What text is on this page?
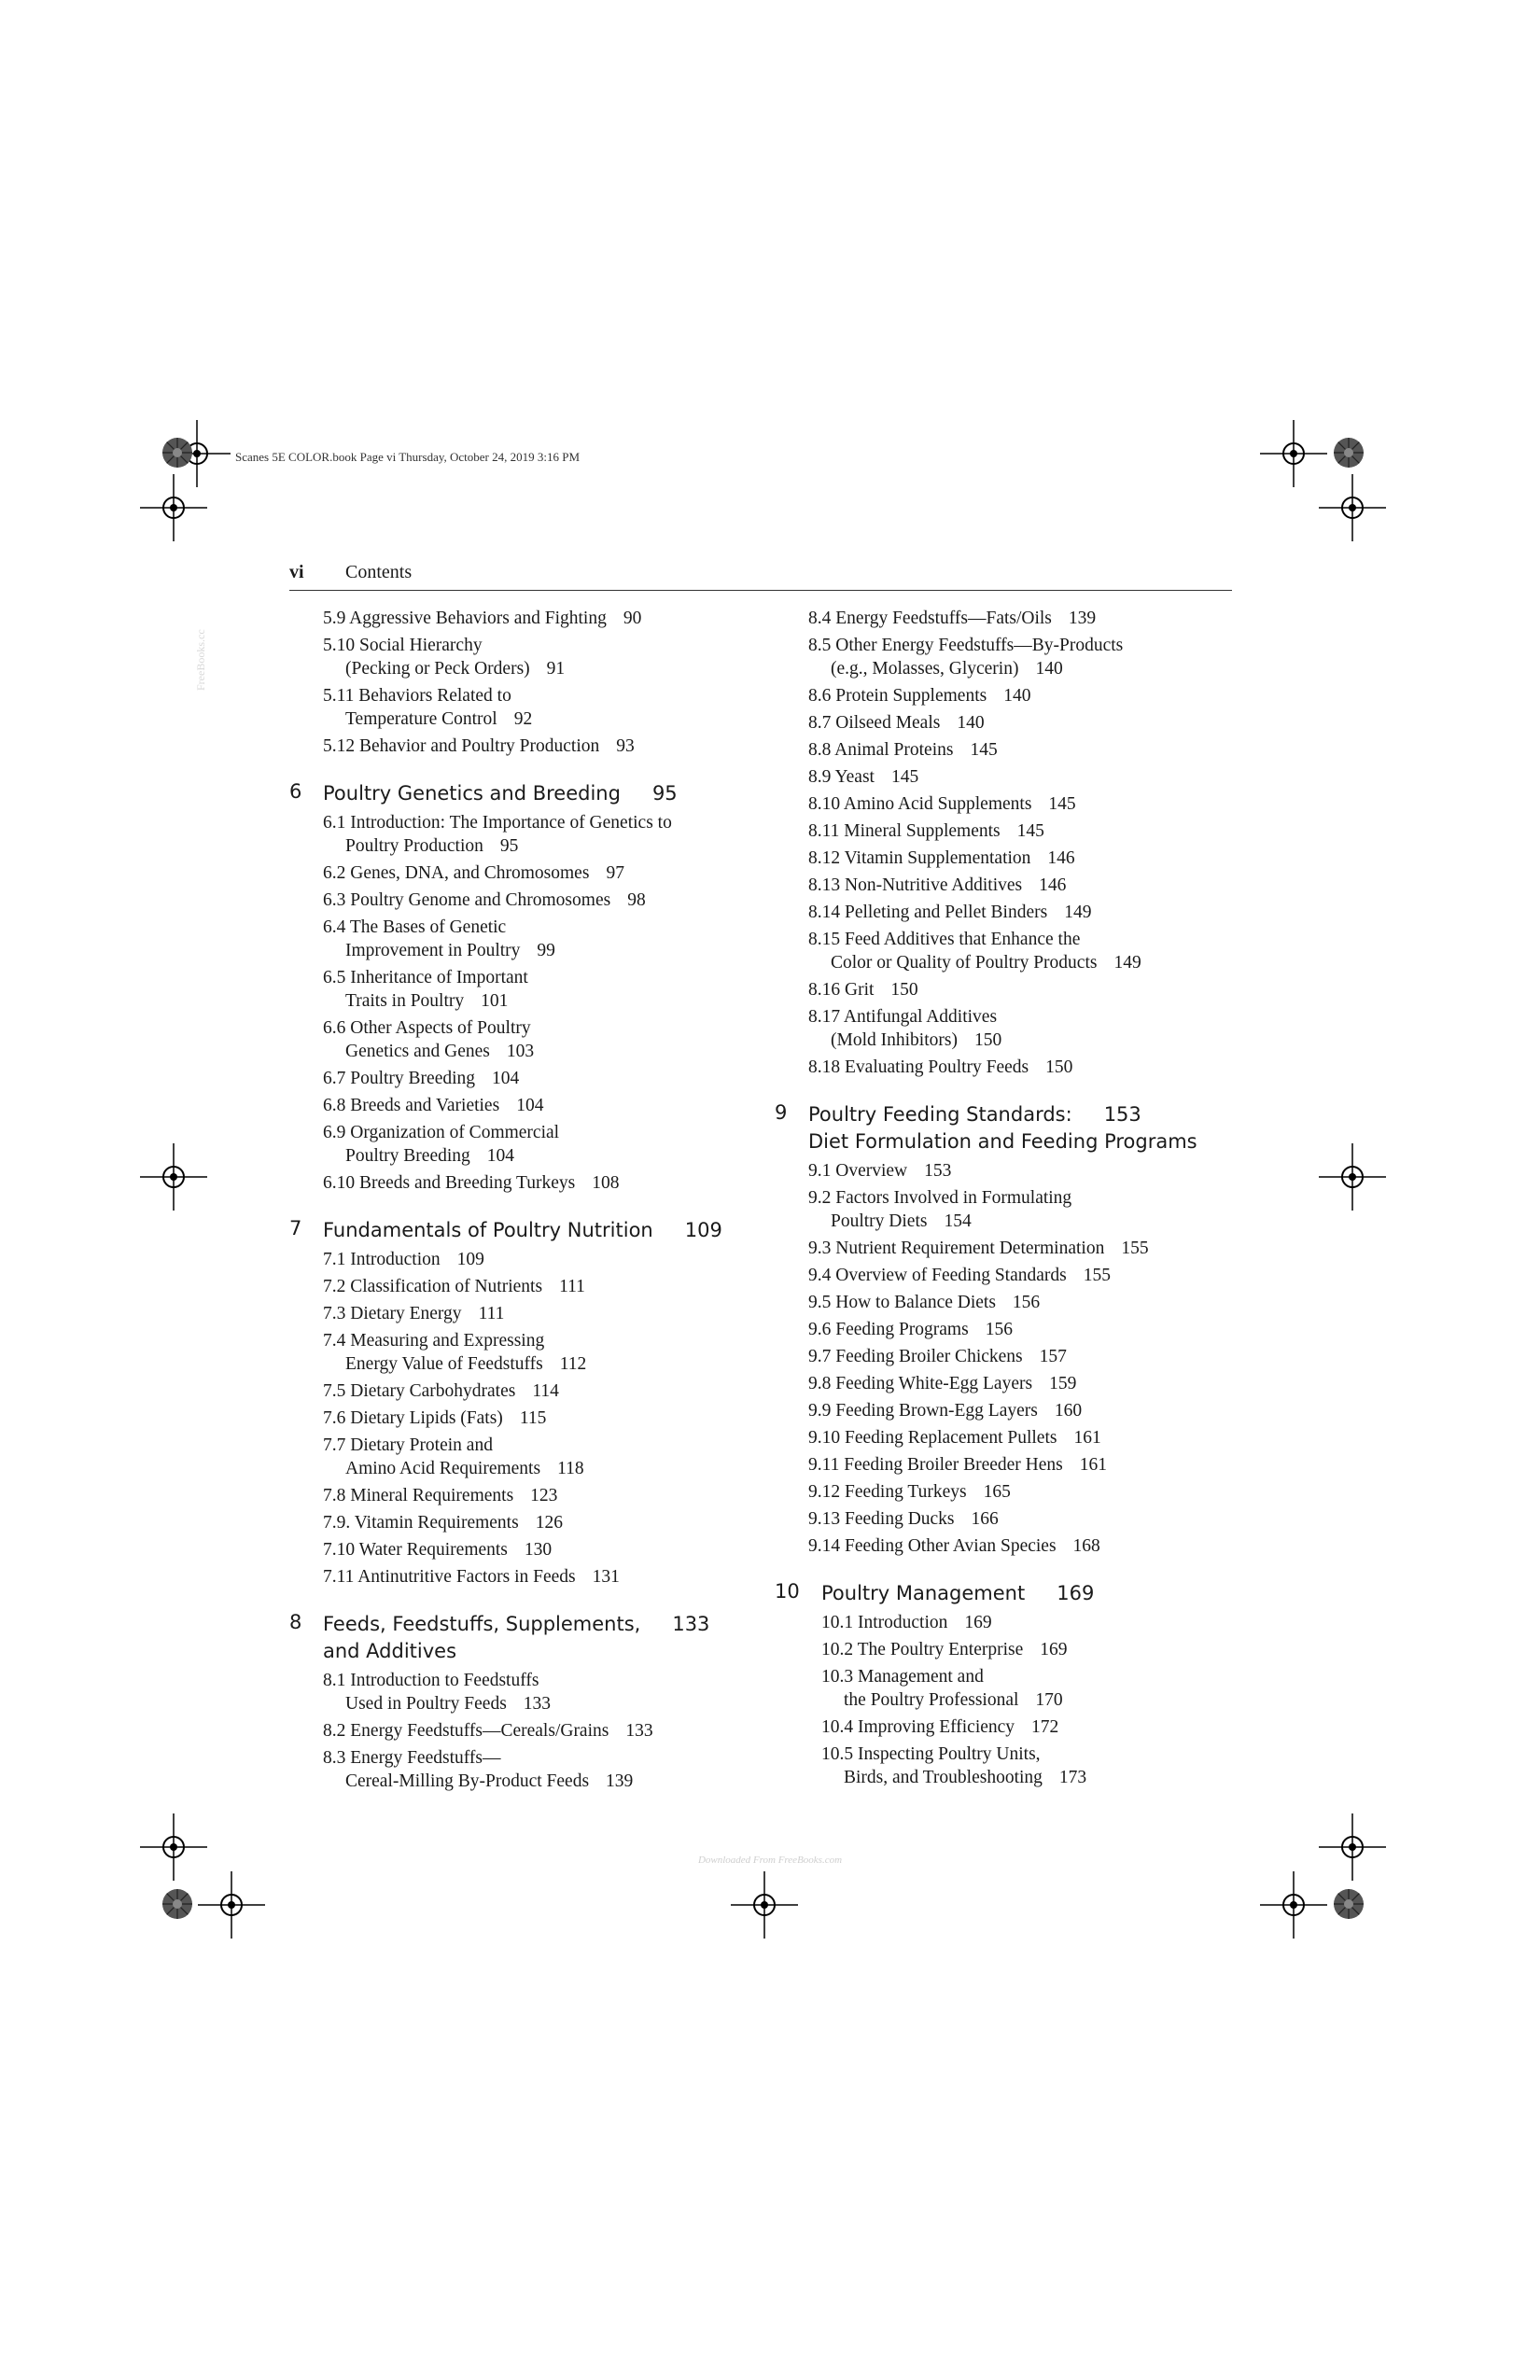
Scanes 5E COLOR.book Page vi Thursday, October 24, 2019 3:16 PM
FreeBooks.cc
Downloaded From FreeBooks.com
vi Contents
5.9 Aggressive Behaviors and Fighting 90
5.10 Social Hierarchy
(Pecking or Peck Orders) 91
5.11 Behaviors Related to
Temperature Control 92
5.12 Behavior and Poultry Production 93
6	Poultry Genetics and Breeding 95
6.1 Introduction: The Importance of Genetics to
Poultry Production 95
6.2 Genes, DNA, and Chromosomes 97
6.3 Poultry Genome and Chromosomes 98
6.4 The Bases of Genetic
Improvement in Poultry 99
6.5 Inheritance of Important
Traits in Poultry 101
6.6 Other Aspects of Poultry
Genetics and Genes 103
6.7 Poultry Breeding 104
6.8 Breeds and Varieties 104
6.9 Organization of Commercial
Poultry Breeding 104
6.10 Breeds and Breeding Turkeys 108
7	Fundamentals of Poultry Nutrition 109
7.1 Introduction 109
7.2 Classification of Nutrients 111
7.3 Dietary Energy 111
7.4 Measuring and Expressing
Energy Value of Feedstuffs 112
7.5 Dietary Carbohydrates 114
7.6 Dietary Lipids (Fats) 115
7.7 Dietary Protein and
Amino Acid Requirements 118
7.8 Mineral Requirements 123
7.9. Vitamin Requirements 126
7.10 Water Requirements 130
7.11 Antinutritive Factors in Feeds 131
8	Feeds, Feedstuffs, Supplements, 133
and Additives
8.1 Introduction to Feedstuffs
Used in Poultry Feeds 133
8.2 Energy Feedstuffs—Cereals/Grains 133
8.3 Energy Feedstuffs—
Cereal-Milling By-Product Feeds 139
8.4 Energy Feedstuffs—Fats/Oils 139
8.5 Other Energy Feedstuffs—By-Products
(e.g., Molasses, Glycerin) 140
8.6 Protein Supplements 140
8.7 Oilseed Meals 140
8.8 Animal Proteins 145
8.9 Yeast 145
8.10 Amino Acid Supplements 145
8.11 Mineral Supplements 145
8.12 Vitamin Supplementation 146
8.13 Non-Nutritive Additives 146
8.14 Pelleting and Pellet Binders 149
8.15 Feed Additives that Enhance the
Color or Quality of Poultry Products 149
8.16 Grit 150
8.17 Antifungal Additives
(Mold Inhibitors) 150
8.18 Evaluating Poultry Feeds 150
9	Poultry Feeding Standards: 153
Diet Formulation and Feeding Programs
9.1 Overview 153
9.2 Factors Involved in Formulating
Poultry Diets 154
9.3 Nutrient Requirement Determination 155
9.4 Overview of Feeding Standards 155
9.5 How to Balance Diets 156
9.6 Feeding Programs 156
9.7 Feeding Broiler Chickens 157
9.8 Feeding White-Egg Layers 159
9.9 Feeding Brown-Egg Layers 160
9.10 Feeding Replacement Pullets 161
9.11 Feeding Broiler Breeder Hens 161
9.12 Feeding Turkeys 165
9.13 Feeding Ducks 166
9.14 Feeding Other Avian Species 168
10	Poultry Management 169
10.1 Introduction 169
10.2 The Poultry Enterprise 169
10.3 Management and
the Poultry Professional 170
10.4 Improving Efficiency 172
10.5 Inspecting Poultry Units,
Birds, and Troubleshooting 173
